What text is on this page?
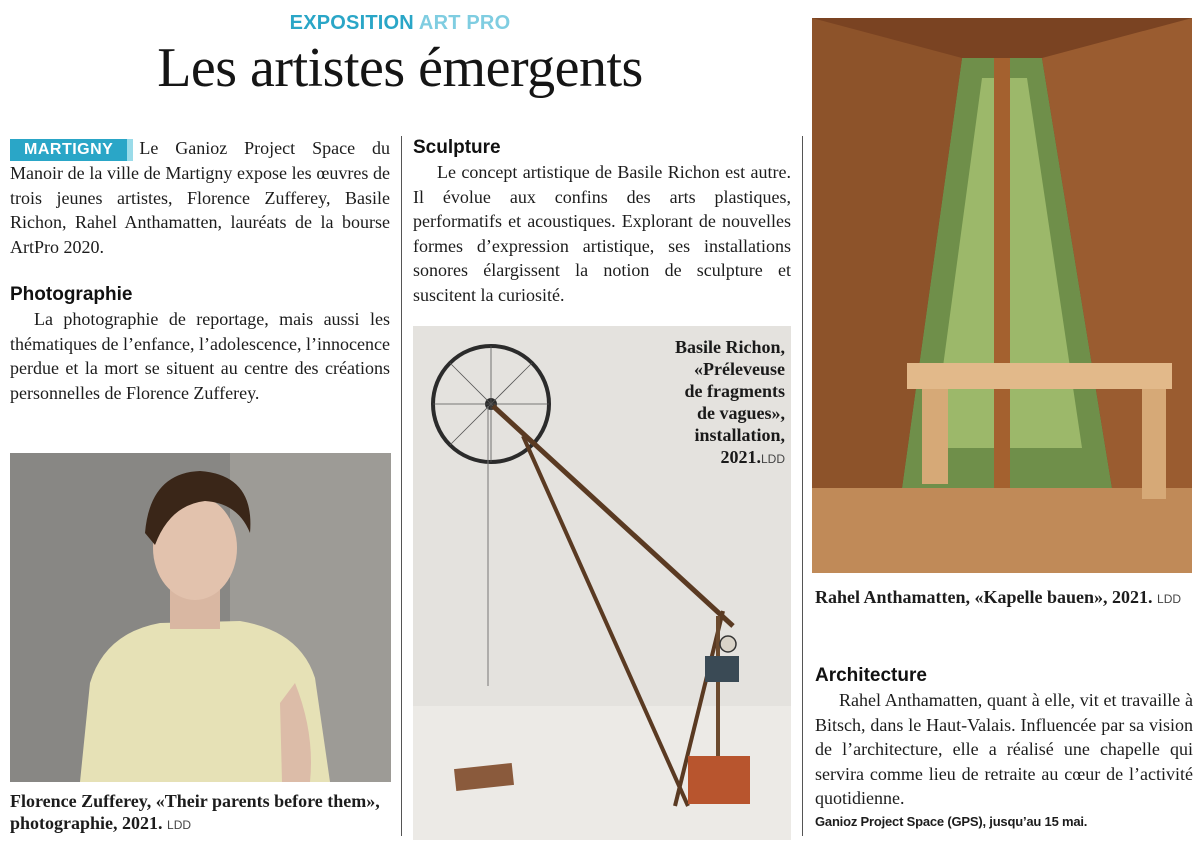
EXPOSITION ART PRO
Les artistes émergents

MARTIGNY Le Ganioz Project Space du Manoir de la ville de Martigny expose les œuvres de trois jeunes artistes, Florence Zufferey, Basile Richon, Rahel Anthamatten, lauréats de la bourse ArtPro 2020.

Photographie

La photographie de reportage, mais aussi les thématiques de l’enfance, l’adolescence, l’innocence perdue et la mort se situent au centre des créations personnelles de Florence Zufferey.

Florence Zufferey, «Their parents before them», photographie, 2021. LDD
Sculpture

Le concept artistique de Basile Richon est autre. Il évolue aux confins des arts plastiques, performatifs et acoustiques. Explorant de nouvelles formes d’expression artistique, ses installations sonores élargissent la notion de sculpture et suscitent la curiosité.

Basile Richon,
«Préleveuse
de fragments
de vagues»,
installation,
2021.LDD
Rahel Anthamatten, «Kapelle bauen», 2021. LDD
Architecture

Rahel Anthamatten, quant à elle, vit et travaille à Bitsch, dans le Haut-Valais. Influencée par sa vision de l’architecture, elle a réalisé une chapelle qui servira comme lieu de retraite au cœur de l’activité quotidienne.

Ganioz Project Space (GPS), jusqu’au 15 mai.
